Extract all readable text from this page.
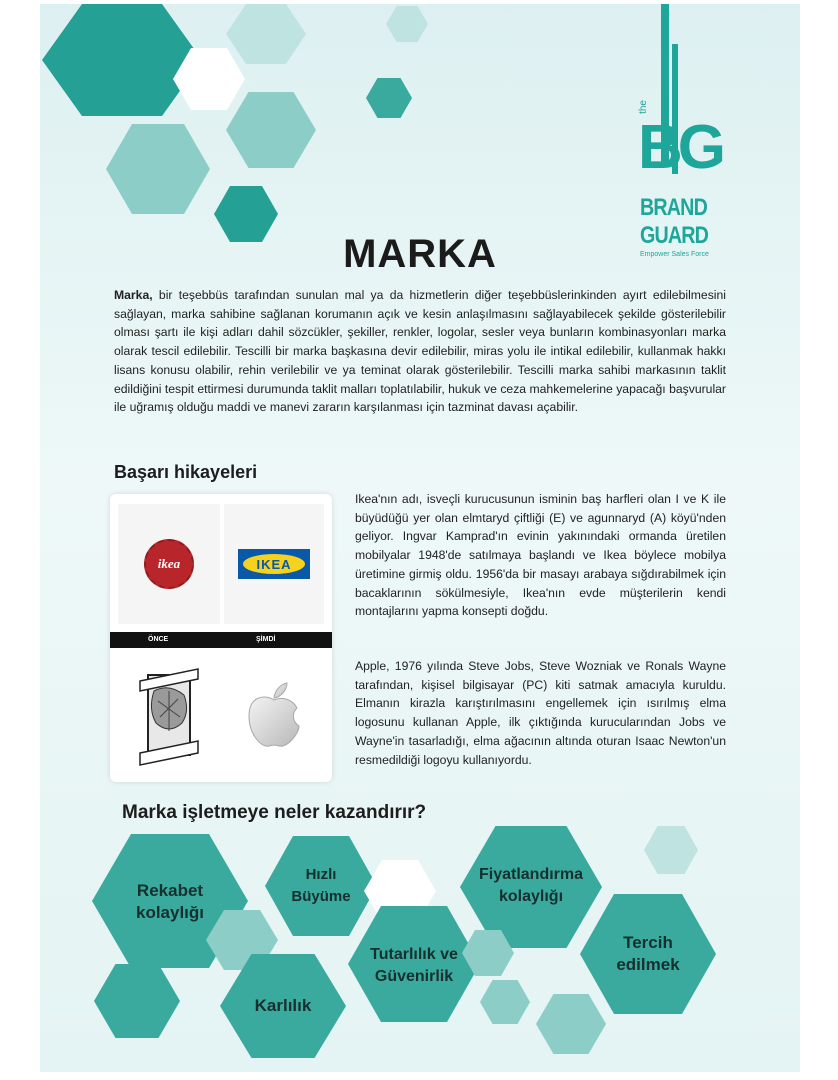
the
BG
BRAND
GUARD
Empower Sales Force
MARKA

Marka, bir teşebbüs tarafından sunulan mal ya da hizmetlerin diğer teşebbüslerinkinden ayırt edilebilmesini sağlayan, marka sahibine sağlanan korumanın açık ve kesin anlaşılmasını sağlayabilecek şekilde gösterilebilir olması şartı ile kişi adları dahil sözcükler, şekiller, renkler, logolar, sesler veya bunların kombinasyonları marka olarak tescil edilebilir. Tescilli bir marka başkasına devir edilebilir, miras yolu ile intikal edilebilir, kullanmak hakkı lisans konusu olabilir, rehin verilebilir ve ya teminat olarak gösterilebilir. Tescilli marka sahibi markasının taklit edildiğini tespit ettirmesi durumunda taklit malları toplatılabilir, hukuk ve ceza mahkemelerine yapacağı başvurular ile uğramış olduğu maddi ve manevi zararın karşılanması için tazminat davası açabilir.

Başarı hikayeleri
ikea	IKEA
ÖNCE	ŞİMDİ

Ikea'nın adı, isveçli kurucusunun isminin baş harfleri olan I ve K ile büyüdüğü yer olan elmtaryd çiftliği (E) ve agunnaryd (A) köyü'nden geliyor. Ingvar Kamprad'ın evinin yakınındaki ormanda üretilen mobilyalar 1948'de satılmaya başlandı ve Ikea böylece mobilya üretimine girmiş oldu. 1956'da bir masayı arabaya sığdırabilmek için bacaklarının sökülmesiyle, Ikea'nın evde müşterilerin kendi montajlarını yapma konsepti doğdu.

Apple, 1976 yılında Steve Jobs, Steve Wozniak ve Ronals Wayne tarafından, kişisel bilgisayar (PC) kiti satmak amacıyla kuruldu. Elmanın kirazla karıştırılmasını engellemek için ısırılmış elma logosunu kullanan Apple, ilk çıktığında kurucularından Jobs ve Wayne'in tasarladığı, elma ağacının altında oturan Isaac Newton'un resmedildiği logoyu kullanıyordu.

Marka işletmeye neler kazandırır?
Rekabet kolaylığı
Hızlı Büyüme
Fiyatlandırma kolaylığı
Tutarlılık ve Güvenirlik
Tercih edilmek
Karlılık
